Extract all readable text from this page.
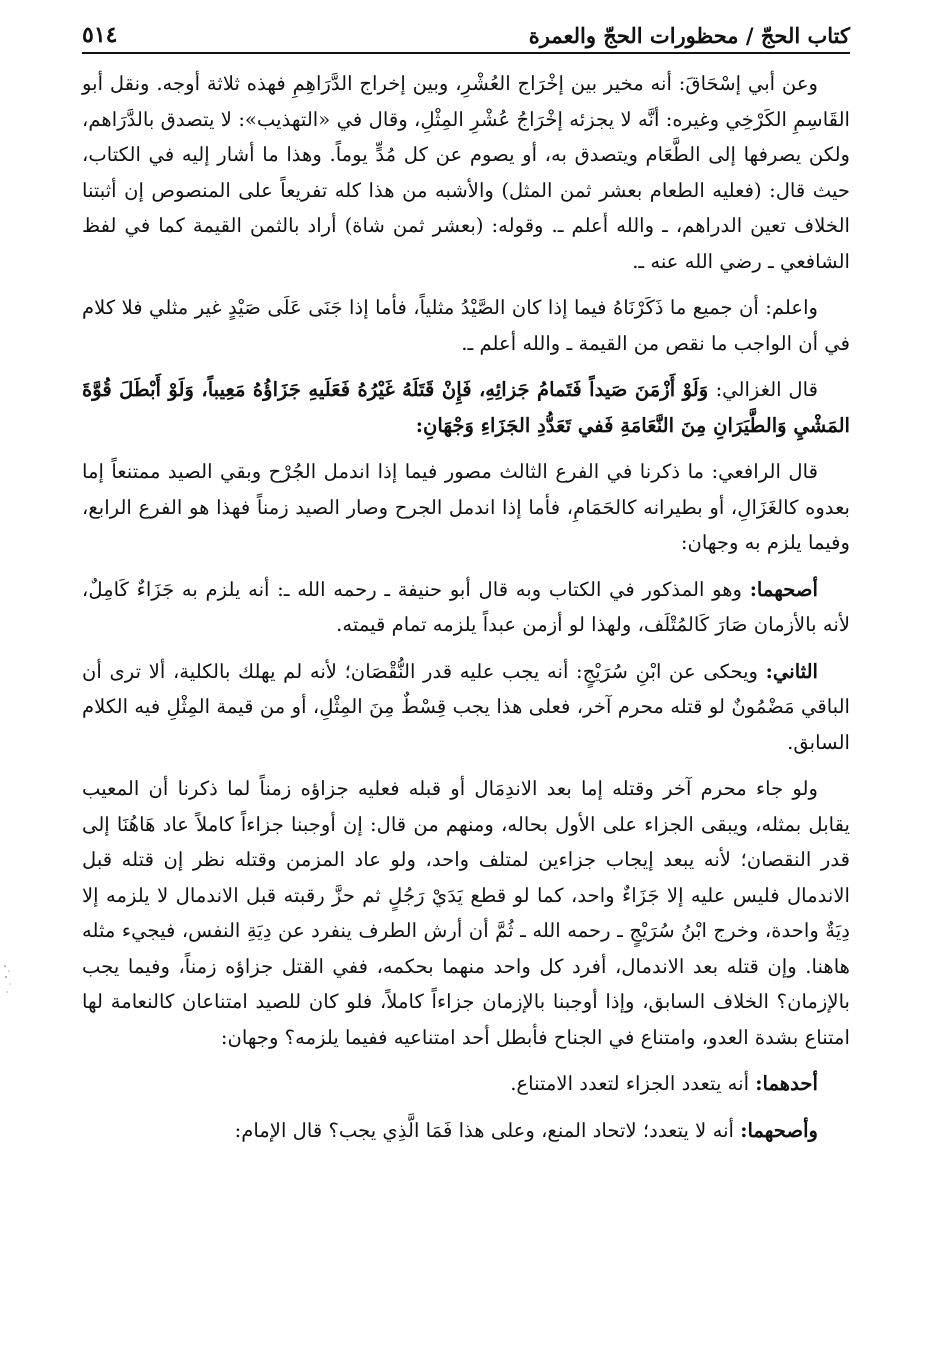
كتاب الحجّ / محظورات الحجّ والعمرة
٥١٤

وعن أبي إسْحَاقَ: أنه مخير بين إخْرَاج العُشْرِ، وبين إخراج الدَّرَاهِمِ فهذه ثلاثة أوجه. ونقل أبو القَاسِمِ الكَرْخِي وغيره: أنَّه لا يجزئه إخْرَاجُ عُشْرِ المِثْلِ، وقال في «التهذيب»: لا يتصدق بالدَّرَاهم، ولكن يصرفها إلى الطَّعَام ويتصدق به، أو يصوم عن كل مُدٍّ يوماً. وهذا ما أشار إليه في الكتاب، حيث قال: (فعليه الطعام بعشر ثمن المثل) والأشبه من هذا كله تفريعاً على المنصوص إن أثبتنا الخلاف تعين الدراهم، ـ والله أعلم ـ. وقوله: (بعشر ثمن شاة) أراد بالثمن القيمة كما في لفظ الشافعي ـ رضي الله عنه ـ.

واعلم: أن جميع ما ذَكَرْنَاهُ فيما إذا كان الصَّيْدُ مثلياً، فأما إذا جَنَى عَلَى صَيْدٍ غير مثلي فلا كلام في أن الواجب ما نقص من القيمة ـ والله أعلم ـ.

قال الغزالي: وَلَوْ أَزْمَنَ صَيداً فَتَمامُ جَزائِهِ، فَإِنْ قَتَلَهُ غَيْرُهُ فَعَلَيهِ جَزَاؤُهُ مَعِيباً، وَلَوْ أَبْطَلَ قُوَّةَ المَشْيِ وَالطَّيَرَانِ مِنَ النَّعَامَةِ فَفي تَعَدُّدِ الجَزَاءِ وَجْهَانِ:

قال الرافعي: ما ذكرنا في الفرع الثالث مصور فيما إذا اندمل الجُرْح وبقي الصيد ممتنعاً إما بعدوه كالغَزَالِ، أو بطيرانه كالحَمَامِ، فأما إذا اندمل الجرح وصار الصيد زمناً فهذا هو الفرع الرابع، وفيما يلزم به وجهان:

أصحهما: وهو المذكور في الكتاب وبه قال أبو حنيفة ـ رحمه الله ـ: أنه يلزم به جَزَاءٌ كَامِلٌ، لأنه بالأزمان صَارَ كَالمُتْلَف، ولهذا لو أزمن عبداً يلزمه تمام قيمته.

الثاني: ويحكى عن ابْنِ سُرَيْجٍ: أنه يجب عليه قدر النُّقْصَان؛ لأنه لم يهلك بالكلية، ألا ترى أن الباقي مَضْمُونٌ لو قتله محرم آخر، فعلى هذا يجب قِسْطٌ مِنَ المِثْلِ، أو من قيمة المِثْلِ فيه الكلام السابق.

ولو جاء محرم آخر وقتله إما بعد الاندِمَال أو قبله فعليه جزاؤه زمناً لما ذكرنا أن المعيب يقابل بمثله، ويبقى الجزاء على الأول بحاله، ومنهم من قال: إن أوجبنا جزاءاً كاملاً عاد هَاهُنَا إلى قدر النقصان؛ لأنه يبعد إيجاب جزاءين لمتلف واحد، ولو عاد المزمن وقتله نظر إن قتله قبل الاندمال فليس عليه إلا جَزَاءٌ واحد، كما لو قطع يَدَيْ رَجُلٍ ثم حزَّ رقبته قبل الاندمال لا يلزمه إلا دِيَةٌ واحدة، وخرج ابْنُ سُرَيْجٍ ـ رحمه الله ـ ثُمَّ أن أرش الطرف ينفرد عن دِيَةِ النفس، فيجيء مثله هاهنا. وإن قتله بعد الاندمال، أفرد كل واحد منهما بحكمه، ففي القتل جزاؤه زمناً، وفيما يجب بالإزمان؟ الخلاف السابق، وإذا أوجبنا بالإزمان جزاءاً كاملاً، فلو كان للصيد امتناعان كالنعامة لها امتناع بشدة العدو، وامتناع في الجناح فأبطل أحد امتناعيه ففيما يلزمه؟ وجهان:

أحدهما: أنه يتعدد الجزاء لتعدد الامتناع.

وأصحهما: أنه لا يتعدد؛ لاتحاد المنع، وعلى هذا فَمَا الَّذِي يجب؟ قال الإمام:
